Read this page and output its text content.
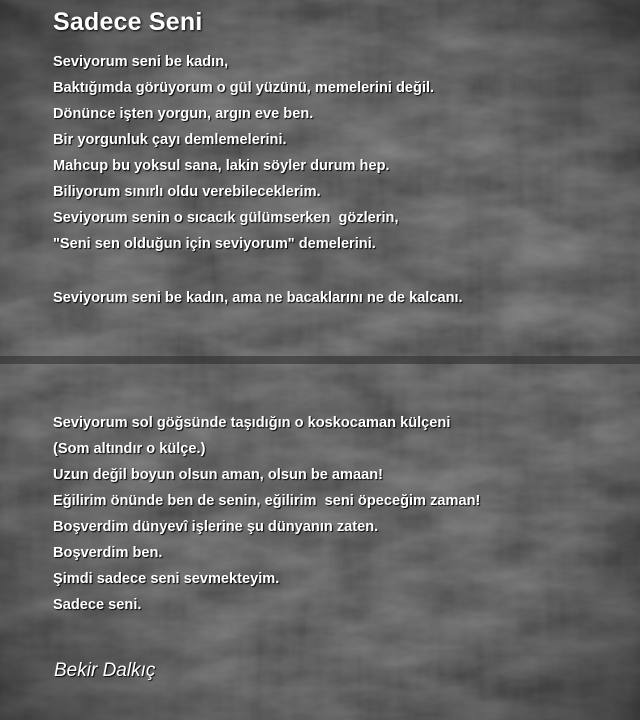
Sadece Seni
Seviyorum seni be kadın,
Baktığımda görüyorum o gül yüzünü, memelerini değil.
Dönünce işten yorgun, argın eve ben.
Bir yorgunluk çayı demlemelerini.
Mahcup bu yoksul sana, lakin söyler durum hep.
Biliyorum sınırlı oldu verebileceklerim.
Seviyorum senin o sıcacık gülümserken  gözlerin,
"Seni sen olduğun için seviyorum" demelerini.
Seviyorum seni be kadın, ama ne bacaklarını ne de kalcanı.
Seviyorum sol göğsünde taşıdığın o koskocaman külçeni
(Som altındır o külçe.)
Uzun değil boyun olsun aman, olsun be amaan!
Eğilirim önünde ben de senin, eğilirim  seni öpeceğim zaman!
Boşverdim dünyevî işlerine şu dünyanın zaten.
Boşverdim ben.
Şimdi sadece seni sevmekteyim.
Sadece seni.
Bekir Dalkıç
